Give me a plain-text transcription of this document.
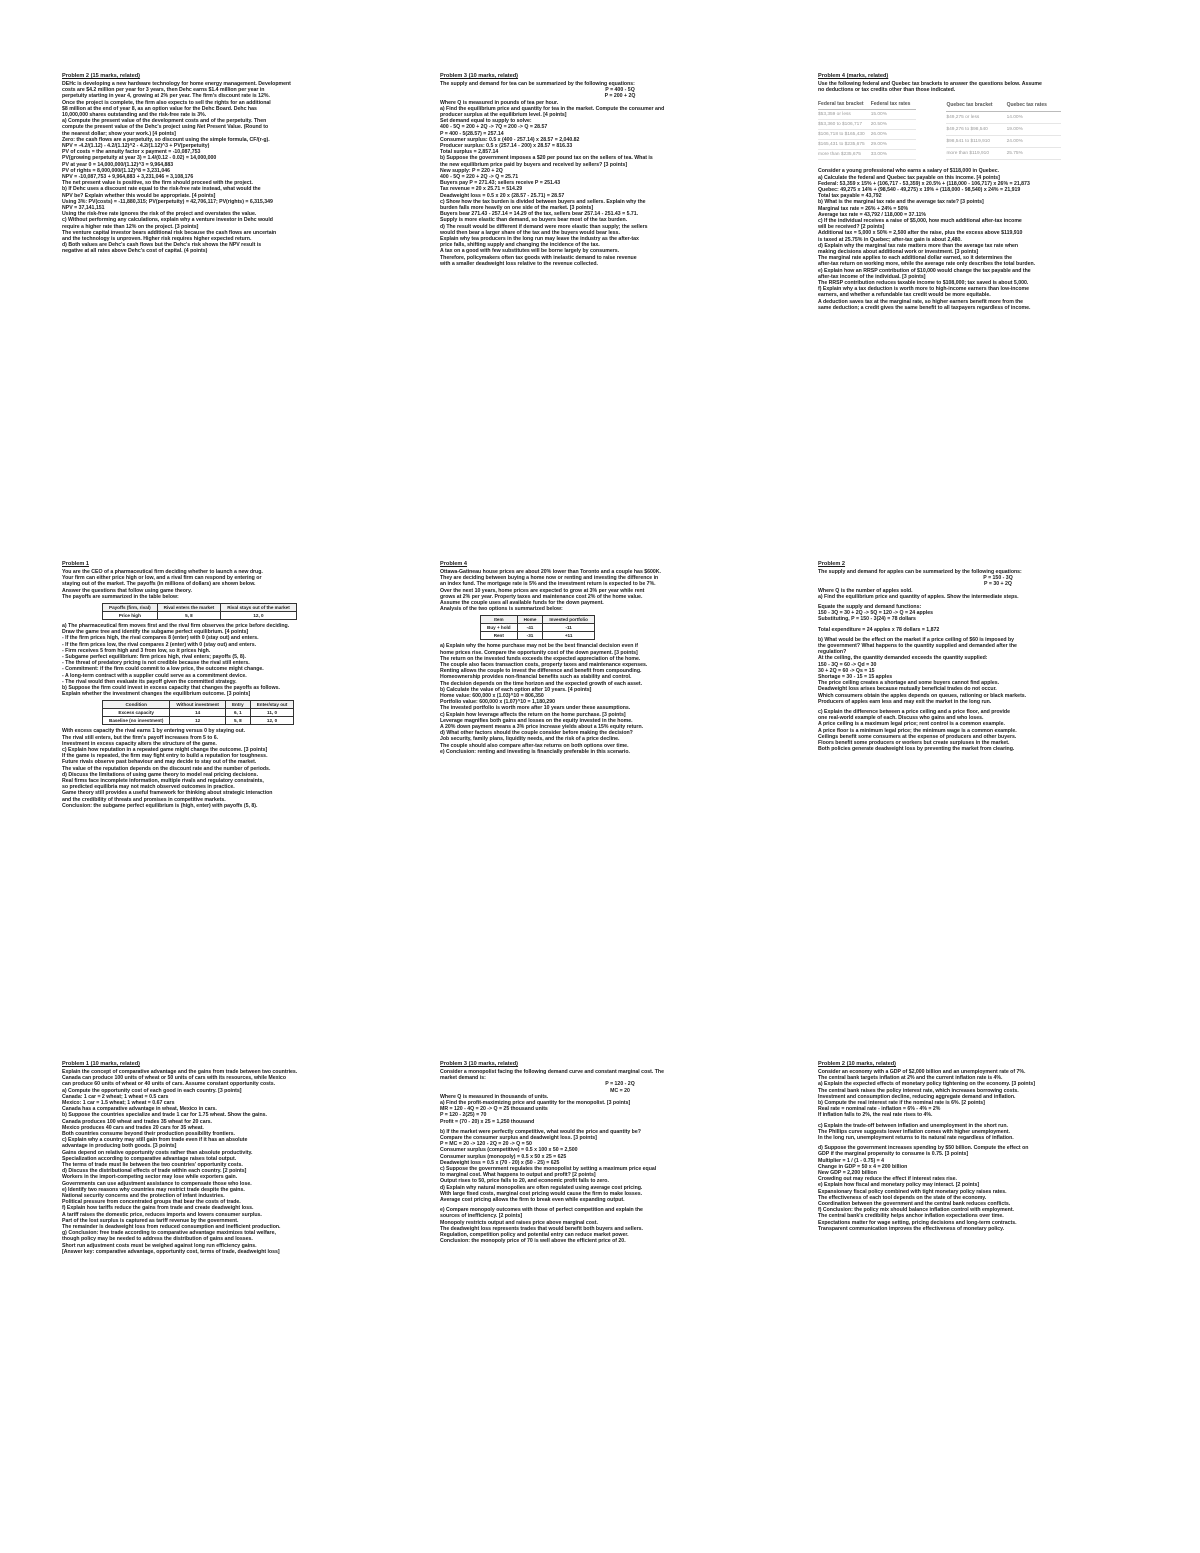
Problem 2 (15 marks, related)
DEHc is developing a new hardware technology for home energy management. Development
costs are $4.2 million per year for 3 years, then Dehc earns $1.4 million per year in
perpetuity starting in year 4, growing at 2% per year. The firm's discount rate is 12%.
Once the project is complete, the firm also expects to sell the rights for an additional
$8 million at the end of year 8, as an option value for the Dehc Board. Dehc has
10,000,000 shares outstanding and the risk-free rate is 3%.
a) Compute the present value of the development costs and of the perpetuity. Then
compute the present value of the Dehc's project using Net Present Value. (Round to
the nearest dollar; show your work.) [4 points]
Zero: the cash flows are a perpetuity, so discount using the simple formula, CF/(r-g).
NPV = -4.2/(1.12) - 4.2/(1.12)^2 - 4.2/(1.12)^3 + PV(perpetuity)
PV of costs = the annuity factor x payment = -10,087,753
PV(growing perpetuity at year 3) = 1.4/(0.12 - 0.02) = 14,000,000
PV at year 0 = 14,000,000/(1.12)^3 = 9,964,883
PV of rights = 8,000,000/(1.12)^8 = 3,231,046
NPV = -10,087,753 + 9,964,883 + 3,231,046 = 3,108,176
The net present value is positive, so the firm should proceed with the project.
b) If Dehc uses a discount rate equal to the risk-free rate instead, what would the
NPV be? Explain whether this would be appropriate. [4 points]
Using 3%: PV(costs) = -11,880,315; PV(perpetuity) = 42,706,117; PV(rights) = 6,315,349
NPV = 37,141,151
Using the risk-free rate ignores the risk of the project and overstates the value.
c) Without performing any calculations, explain why a venture investor in Dehc would
require a higher rate than 12% on the project. [3 points]
The venture capital investor bears additional risk because the cash flows are uncertain
and the technology is unproven. Higher risk requires higher expected return.
d) Both values are Dehc's cash flows but the Dehc's risk shows the NPV result is
negative at all rates above Dehc's cost of capital. (4 points)
Problem 3 (10 marks, related)
The supply and demand for tea can be summarized by the following equations:
P = 400 - 5Q
P = 200 + 2Q
Where Q is measured in pounds of tea per hour.
a) Find the equilibrium price and quantity for tea in the market. Compute the consumer and
producer surplus at the equilibrium level. [4 points]
Set demand equal to supply to solve:
400 - 5Q = 200 + 2Q -> 7Q = 200 -> Q = 28.57
P = 400 - 5(28.57) = 257.14
Consumer surplus: 0.5 x (400 - 257.14) x 28.57 = 2,040.82
Producer surplus: 0.5 x (257.14 - 200) x 28.57 = 816.33
Total surplus = 2,857.14
b) Suppose the government imposes a $20 per pound tax on the sellers of tea. What is
the new equilibrium price paid by buyers and received by sellers? [3 points]
New supply: P = 220 + 2Q
400 - 5Q = 220 + 2Q -> Q = 25.71
Buyers pay P = 271.43; sellers receive P = 251.43
Tax revenue = 20 x 25.71 = 514.29
Deadweight loss = 0.5 x 20 x (28.57 - 25.71) = 28.57
c) Show how the tax burden is divided between buyers and sellers. Explain why the
burden falls more heavily on one side of the market. [3 points]
Buyers bear 271.43 - 257.14 = 14.29 of the tax, sellers bear 257.14 - 251.43 = 5.71.
Supply is more elastic than demand, so buyers bear most of the tax burden.
d) The result would be different if demand were more elastic than supply; the sellers
would then bear a larger share of the tax and the buyers would bear less.
Explain why tea producers in the long run may leave the industry as the after-tax
price falls, shifting supply and changing the incidence of the tax.
A tax on a good with few substitutes will be borne largely by consumers.
Therefore, policymakers often tax goods with inelastic demand to raise revenue
with a smaller deadweight loss relative to the revenue collected.
Problem 4 (marks, related)
Use the following federal and Quebec tax brackets to answer the questions below. Assume
no deductions or tax credits other than those indicated.
Federal tax bracket	Federal tax rates
$53,359 or less	15.00%
$53,360 to $106,717	20.50%
$106,718 to $165,430	26.00%
$165,431 to $235,675	29.00%
more than $235,675	33.00%
Quebec tax bracket	Quebec tax rates
$49,275 or less	14.00%
$49,276 to $98,540	19.00%
$98,541 to $119,910	24.00%
more than $119,910	25.75%
Consider a young professional who earns a salary of $118,000 in Quebec.
a) Calculate the federal and Quebec tax payable on this income. [4 points]
Federal: 53,359 x 15% + (106,717 - 53,359) x 20.5% + (118,000 - 106,717) x 26% = 21,873
Quebec: 49,275 x 14% + (98,540 - 49,275) x 19% + (118,000 - 98,540) x 24% = 21,919
Total tax payable = 43,792
b) What is the marginal tax rate and the average tax rate? [3 points]
Marginal tax rate = 26% + 24% = 50%
Average tax rate = 43,792 / 118,000 = 37.11%
c) If the individual receives a raise of $5,000, how much additional after-tax income
will be received? [2 points]
Additional tax = 5,000 x 50% = 2,500 after the raise, plus the excess above $119,910
is taxed at 25.75% in Quebec; after-tax gain is about 2,480.
d) Explain why the marginal tax rate matters more than the average tax rate when
making decisions about additional work or investment. [3 points]
The marginal rate applies to each additional dollar earned, so it determines the
after-tax return on working more, while the average rate only describes the total burden.
e) Explain how an RRSP contribution of $10,000 would change the tax payable and the
after-tax income of the individual. [3 points]
The RRSP contribution reduces taxable income to $108,000; tax saved is about 5,000.
f) Explain why a tax deduction is worth more to high-income earners than low-income
earners, and whether a refundable tax credit would be more equitable.
A deduction saves tax at the marginal rate, so higher earners benefit more from the
same deduction; a credit gives the same benefit to all taxpayers regardless of income.
Problem 1
You are the CEO of a pharmaceutical firm deciding whether to launch a new drug.
Your firm can either price high or low, and a rival firm can respond by entering or
staying out of the market. The payoffs (in millions of dollars) are shown below.
Answer the questions that follow using game theory.
The payoffs are summarized in the table below:
Payoffs (firm, rival)	Rival enters the market	Rival stays out of the market
Price high	5, 8	12, 0
a) The pharmaceutical firm moves first and the rival firm observes the price before deciding.
Draw the game tree and identify the subgame perfect equilibrium. [4 points]
- If the firm prices high, the rival compares 8 (enter) with 0 (stay out) and enters.
- If the firm prices low, the rival compares 2 (enter) with 0 (stay out) and enters.
- Firm receives 5 from high and 3 from low, so it prices high.
- Subgame perfect equilibrium: firm prices high, rival enters; payoffs (5, 8).
- The threat of predatory pricing is not credible because the rival still enters.
- Commitment: if the firm could commit to a low price, the outcome might change.
- A long-term contract with a supplier could serve as a commitment device.
- The rival would then evaluate its payoff given the committed strategy.
b) Suppose the firm could invest in excess capacity that changes the payoffs as follows.
Explain whether the investment changes the equilibrium outcome. [3 points]
Condition	Without investment	Entry	Enter/stay out
Excess capacity	14	6, 1	11, 0
Baseline (no investment)	12	5, 8	12, 0
With excess capacity the rival earns 1 by entering versus 0 by staying out.
The rival still enters, but the firm's payoff increases from 5 to 6.
Investment in excess capacity alters the structure of the game.
c) Explain how reputation in a repeated game might change the outcome. [3 points]
If the game is repeated, the firm may fight entry to build a reputation for toughness.
Future rivals observe past behaviour and may decide to stay out of the market.
The value of the reputation depends on the discount rate and the number of periods.
d) Discuss the limitations of using game theory to model real pricing decisions.
Real firms face incomplete information, multiple rivals and regulatory constraints,
so predicted equilibria may not match observed outcomes in practice.
Game theory still provides a useful framework for thinking about strategic interaction
and the credibility of threats and promises in competitive markets.
Conclusion: the subgame perfect equilibrium is (high, enter) with payoffs (5, 8).
Problem 4
Ottawa-Gatineau house prices are about 20% lower than Toronto and a couple has $600K.
They are deciding between buying a home now or renting and investing the difference in
an index fund. The mortgage rate is 5% and the investment return is expected to be 7%.
Over the next 10 years, home prices are expected to grow at 3% per year while rent
grows at 2% per year. Property taxes and maintenance cost 2% of the home value.
Assume the couple uses all available funds for the down payment.
Analysis of the two options is summarized below:
Item	Home	Invested portfolio
Buy + hold	-41	-11
Rent	-31	+11
a) Explain why the home purchase may not be the best financial decision even if
home prices rise. Compare the opportunity cost of the down payment. [3 points]
The return on the invested funds exceeds the expected appreciation of the home.
The couple also faces transaction costs, property taxes and maintenance expenses.
Renting allows the couple to invest the difference and benefit from compounding.
Homeownership provides non-financial benefits such as stability and control.
The decision depends on the time horizon and the expected growth of each asset.
b) Calculate the value of each option after 10 years. [4 points]
Home value: 600,000 x (1.03)^10 = 806,350
Portfolio value: 600,000 x (1.07)^10 = 1,180,290
The invested portfolio is worth more after 10 years under these assumptions.
c) Explain how leverage affects the return on the home purchase. [3 points]
Leverage magnifies both gains and losses on the equity invested in the home.
A 20% down payment means a 3% price increase yields about a 15% equity return.
d) What other factors should the couple consider before making the decision?
Job security, family plans, liquidity needs, and the risk of a price decline.
The couple should also compare after-tax returns on both options over time.
e) Conclusion: renting and investing is financially preferable in this scenario.
Problem 2
The supply and demand for apples can be summarized by the following equations:
P = 150 - 3Q
P = 30 + 2Q
Where Q is the number of apples sold.
a) Find the equilibrium price and quantity of apples. Show the intermediate steps.
Equate the supply and demand functions:
150 - 3Q = 30 + 2Q -> 5Q = 120 -> Q = 24 apples
Substituting, P = 150 - 3(24) = 78 dollars
Total expenditure = 24 apples x 78 dollars = 1,872
b) What would be the effect on the market if a price ceiling of $60 is imposed by
the government? What happens to the quantity supplied and demanded after the
regulation?
At the ceiling, the quantity demanded exceeds the quantity supplied:
150 - 3Q = 60 -> Qd = 30
30 + 2Q = 60 -> Qs = 15
Shortage = 30 - 15 = 15 apples
The price ceiling creates a shortage and some buyers cannot find apples.
Deadweight loss arises because mutually beneficial trades do not occur.
Which consumers obtain the apples depends on queues, rationing or black markets.
Producers of apples earn less and may exit the market in the long run.
c) Explain the difference between a price ceiling and a price floor, and provide
one real-world example of each. Discuss who gains and who loses.
A price ceiling is a maximum legal price; rent control is a common example.
A price floor is a minimum legal price; the minimum wage is a common example.
Ceilings benefit some consumers at the expense of producers and other buyers.
Floors benefit some producers or workers but create surpluses in the market.
Both policies generate deadweight loss by preventing the market from clearing.
Problem 1 (10 marks, related)
Explain the concept of comparative advantage and the gains from trade between two countries.
Canada can produce 100 units of wheat or 50 units of cars with its resources, while Mexico
can produce 60 units of wheat or 40 units of cars. Assume constant opportunity costs.
a) Compute the opportunity cost of each good in each country. [3 points]
Canada: 1 car = 2 wheat; 1 wheat = 0.5 cars
Mexico: 1 car = 1.5 wheat; 1 wheat = 0.67 cars
Canada has a comparative advantage in wheat, Mexico in cars.
b) Suppose the countries specialize and trade 1 car for 1.75 wheat. Show the gains.
Canada produces 100 wheat and trades 35 wheat for 20 cars.
Mexico produces 40 cars and trades 20 cars for 35 wheat.
Both countries consume beyond their production possibility frontiers.
c) Explain why a country may still gain from trade even if it has an absolute
advantage in producing both goods. [3 points]
Gains depend on relative opportunity costs rather than absolute productivity.
Specialization according to comparative advantage raises total output.
The terms of trade must lie between the two countries' opportunity costs.
d) Discuss the distributional effects of trade within each country. [2 points]
Workers in the import-competing sector may lose while exporters gain.
Governments can use adjustment assistance to compensate those who lose.
e) Identify two reasons why countries may restrict trade despite the gains.
National security concerns and the protection of infant industries.
Political pressure from concentrated groups that bear the costs of trade.
f) Explain how tariffs reduce the gains from trade and create deadweight loss.
A tariff raises the domestic price, reduces imports and lowers consumer surplus.
Part of the lost surplus is captured as tariff revenue by the government.
The remainder is deadweight loss from reduced consumption and inefficient production.
g) Conclusion: free trade according to comparative advantage maximizes total welfare,
though policy may be needed to address the distribution of gains and losses.
Short run adjustment costs must be weighed against long run efficiency gains.
[Answer key: comparative advantage, opportunity cost, terms of trade, deadweight loss]
Problem 3 (10 marks, related)
Consider a monopolist facing the following demand curve and constant marginal cost. The
market demand is:
P = 120 - 2Q
MC = 20
Where Q is measured in thousands of units.
a) Find the profit-maximizing price and quantity for the monopolist. [3 points]
MR = 120 - 4Q = 20 -> Q = 25 thousand units
P = 120 - 2(25) = 70
Profit = (70 - 20) x 25 = 1,250 thousand
b) If the market were perfectly competitive, what would the price and quantity be?
Compare the consumer surplus and deadweight loss. [3 points]
P = MC = 20 -> 120 - 2Q = 20 -> Q = 50
Consumer surplus (competitive) = 0.5 x 100 x 50 = 2,500
Consumer surplus (monopoly) = 0.5 x 50 x 25 = 625
Deadweight loss = 0.5 x (70 - 20) x (50 - 25) = 625
c) Suppose the government regulates the monopolist by setting a maximum price equal
to marginal cost. What happens to output and profit? [2 points]
Output rises to 50, price falls to 20, and economic profit falls to zero.
d) Explain why natural monopolies are often regulated using average cost pricing.
With large fixed costs, marginal cost pricing would cause the firm to make losses.
Average cost pricing allows the firm to break even while expanding output.
e) Compare monopoly outcomes with those of perfect competition and explain the
sources of inefficiency. [2 points]
Monopoly restricts output and raises price above marginal cost.
The deadweight loss represents trades that would benefit both buyers and sellers.
Regulation, competition policy and potential entry can reduce market power.
Conclusion: the monopoly price of 70 is well above the efficient price of 20.
Problem 2 (10 marks, related)
Consider an economy with a GDP of $2,000 billion and an unemployment rate of 7%.
The central bank targets inflation at 2% and the current inflation rate is 4%.
a) Explain the expected effects of monetary policy tightening on the economy. [3 points]
The central bank raises the policy interest rate, which increases borrowing costs.
Investment and consumption decline, reducing aggregate demand and inflation.
b) Compute the real interest rate if the nominal rate is 6%. [2 points]
Real rate = nominal rate - inflation = 6% - 4% = 2%
If inflation falls to 2%, the real rate rises to 4%.
c) Explain the trade-off between inflation and unemployment in the short run.
The Phillips curve suggests lower inflation comes with higher unemployment.
In the long run, unemployment returns to its natural rate regardless of inflation.
d) Suppose the government increases spending by $50 billion. Compute the effect on
GDP if the marginal propensity to consume is 0.75. [3 points]
Multiplier = 1 / (1 - 0.75) = 4
Change in GDP = 50 x 4 = 200 billion
New GDP = 2,200 billion
Crowding out may reduce the effect if interest rates rise.
e) Explain how fiscal and monetary policy may interact. [2 points]
Expansionary fiscal policy combined with tight monetary policy raises rates.
The effectiveness of each tool depends on the state of the economy.
Coordination between the government and the central bank reduces conflicts.
f) Conclusion: the policy mix should balance inflation control with employment.
The central bank's credibility helps anchor inflation expectations over time.
Expectations matter for wage setting, pricing decisions and long-term contracts.
Transparent communication improves the effectiveness of monetary policy.
